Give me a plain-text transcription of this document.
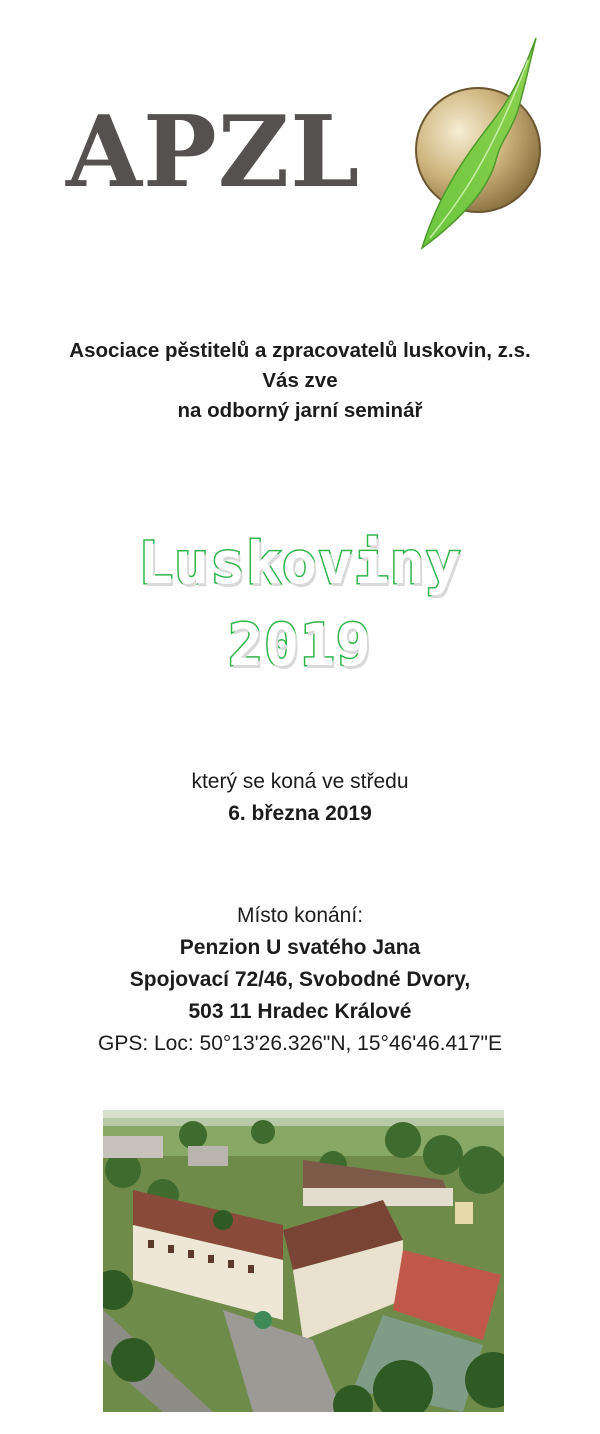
APZL
Asociace pěstitelů a zpracovatelů luskovin, z.s.
Vás zve
na odborný jarní seminář
Luskoviny
2019
který se koná ve středu
6. března 2019
Místo konání:
Penzion U svatého Jana
Spojovací 72/46, Svobodné Dvory,
503 11 Hradec Králové
GPS: Loc: 50°13'26.326"N, 15°46'46.417"E
